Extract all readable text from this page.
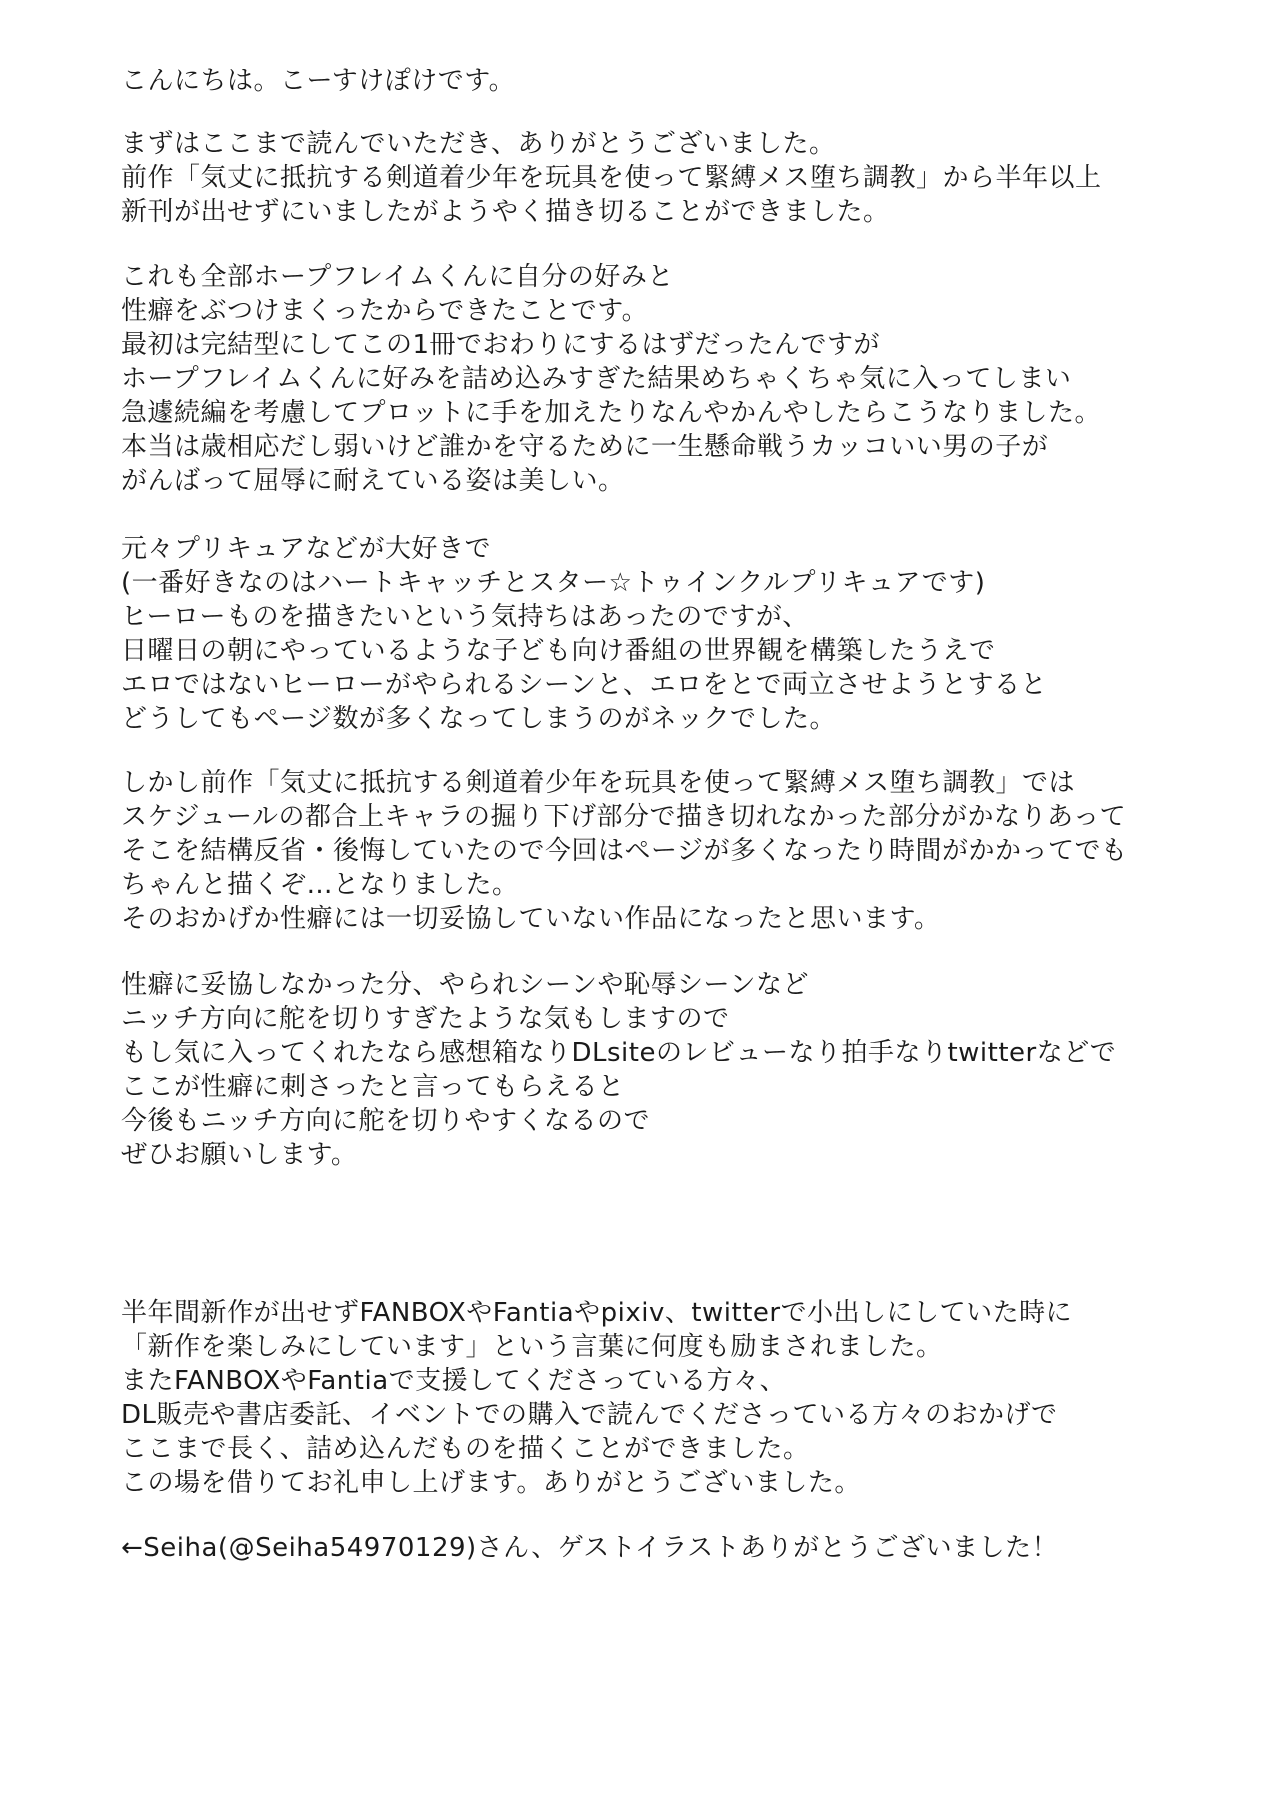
こんにちは。こーすけぽけです。

まずはここまで読んでいただき、ありがとうございました。
前作「気丈に抵抗する剣道着少年を玩具を使って緊縛メス堕ち調教」から半年以上
新刊が出せずにいましたがようやく描き切ることができました。

これも全部ホープフレイムくんに自分の好みと
性癖をぶつけまくったからできたことです。
最初は完結型にしてこの1冊でおわりにするはずだったんですが
ホープフレイムくんに好みを詰め込みすぎた結果めちゃくちゃ気に入ってしまい
急遽続編を考慮してプロットに手を加えたりなんやかんやしたらこうなりました。
本当は歳相応だし弱いけど誰かを守るために一生懸命戦うカッコいい男の子が
がんばって屈辱に耐えている姿は美しい。

元々プリキュアなどが大好きで
(一番好きなのはハートキャッチとスター☆トゥインクルプリキュアです)
ヒーローものを描きたいという気持ちはあったのですが、
日曜日の朝にやっているような子ども向け番組の世界観を構築したうえで
エロではないヒーローがやられるシーンと、エロをとで両立させようとすると
どうしてもページ数が多くなってしまうのがネックでした。

しかし前作「気丈に抵抗する剣道着少年を玩具を使って緊縛メス堕ち調教」では
スケジュールの都合上キャラの掘り下げ部分で描き切れなかった部分がかなりあって
そこを結構反省・後悔していたので今回はページが多くなったり時間がかかってでも
ちゃんと描くぞ…となりました。
そのおかげか性癖には一切妥協していない作品になったと思います。

性癖に妥協しなかった分、やられシーンや恥辱シーンなど
ニッチ方向に舵を切りすぎたような気もしますので
もし気に入ってくれたなら感想箱なりDLsiteのレビューなり拍手なりtwitterなどで
ここが性癖に刺さったと言ってもらえると
今後もニッチ方向に舵を切りやすくなるので
ぜひお願いします。

半年間新作が出せずFANBOXやFantiaやpixiv、twitterで小出しにしていた時に
「新作を楽しみにしています」という言葉に何度も励まされました。
またFANBOXやFantiaで支援してくださっている方々、
DL販売や書店委託、イベントでの購入で読んでくださっている方々のおかげで
ここまで長く、詰め込んだものを描くことができました。
この場を借りてお礼申し上げます。ありがとうございました。

←Seiha(@Seiha54970129)さん、ゲストイラストありがとうございました！
